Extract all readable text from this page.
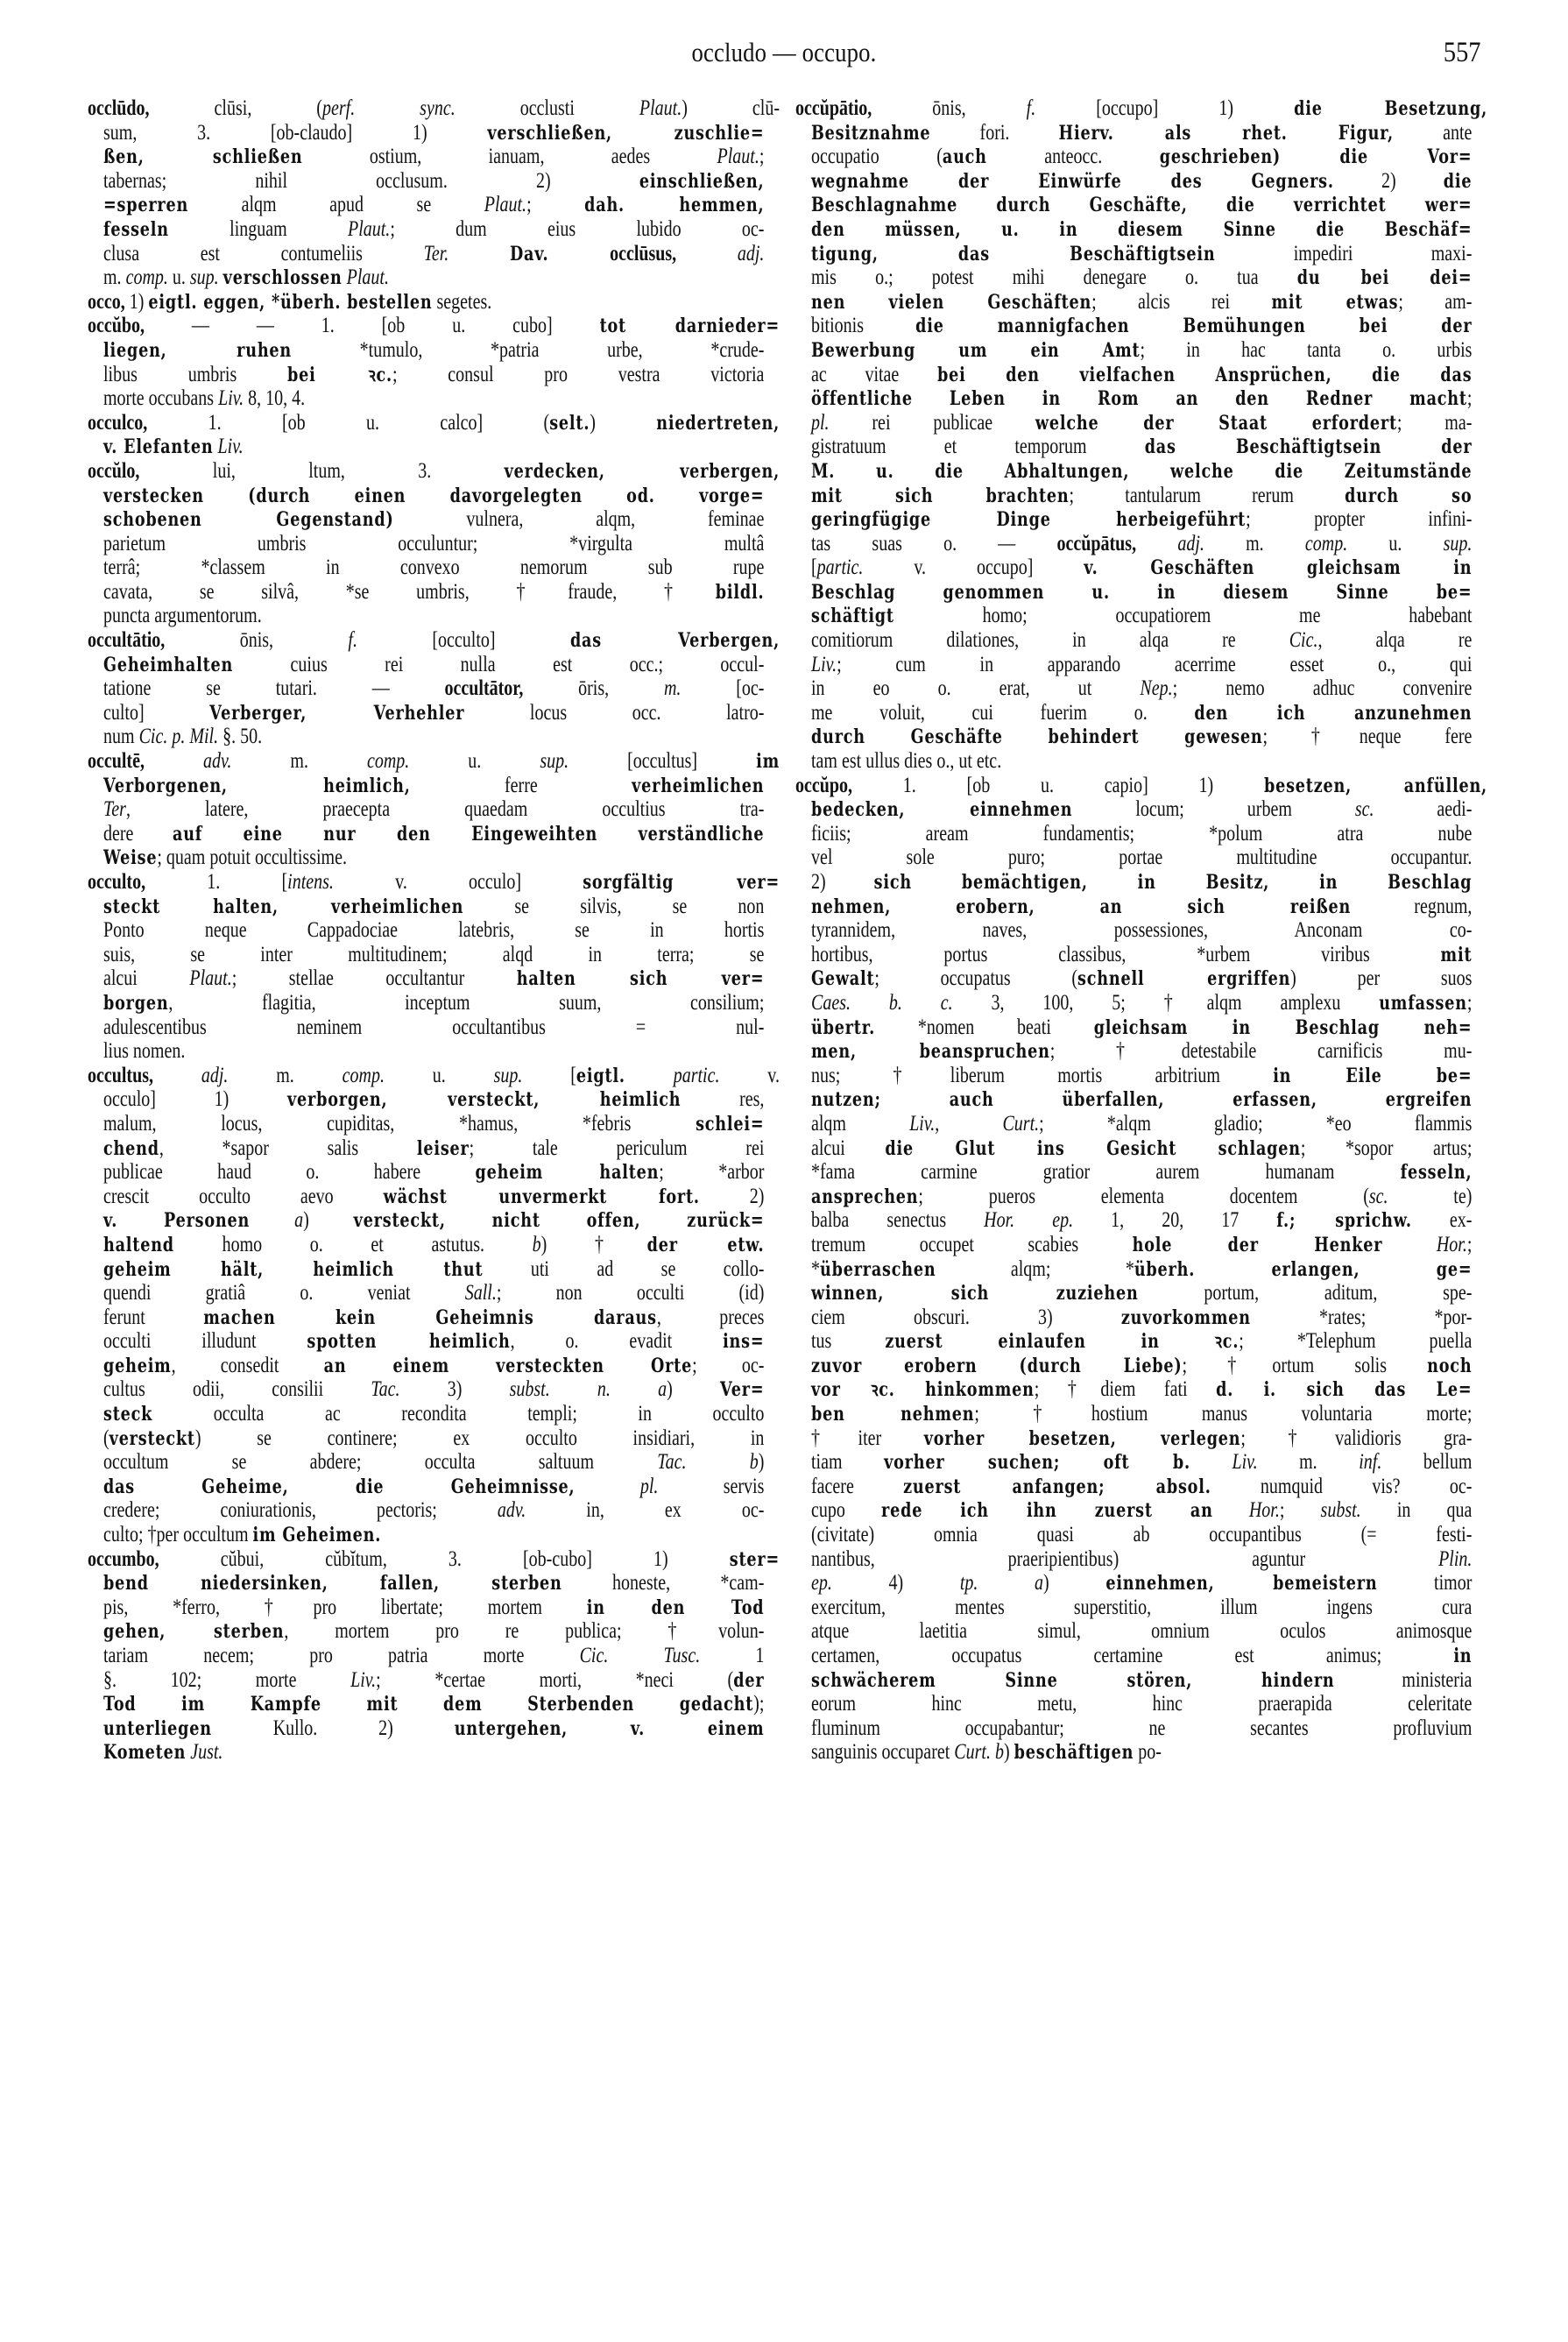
occludo — occupo.	557
occlūdo, clūsi, (perf. sync. occlusti Plaut.) clū-
sum, 3. [ob-claudo] 1) verschließen, zuschlie=
ßen, schließen ostium, ianuam, aedes Plaut.;
tabernas; nihil occlusum. 2) einschließen,
=sperren alqm apud se Plaut.; dah. hemmen,
fesseln linguam Plaut.; dum eius lubido oc-
clusa est contumeliis Ter.	Dav.	occlūsus,	adj.
m. comp. u. sup. verschlossen Plaut.
occo, 1) eigtl. eggen, *überh. bestellen segetes.
occŭbo, — — 1. [ob u. cubo] tot darnieder=
liegen, ruhen *tumulo, *patria urbe, *crude-
libus umbris bei ꝛc.; consul pro vestra victoria
morte occubans Liv. 8, 10, 4.
occulco, 1. [ob u. calco] (selt.) niedertreten,
v. Elefanten Liv.
occŭlo, lui, ltum, 3. verdecken, verbergen,
verstecken (durch einen davorgelegten od. vorge=
schobenen Gegenstand) vulnera, alqm, feminae
parietum umbris occuluntur; *virgulta multâ
terrâ; *classem in convexo nemorum sub rupe
cavata, se silvâ, *se umbris, †fraude, †bildl.
puncta argumentorum.
occultātio, ōnis, f. [occulto] das Verbergen,
Geheimhalten cuius rei nulla est occ.; occul-
tatione se tutari. — occultātor, ōris, m. [oc-
culto] Verberger, Verhehler locus occ. latro-
num Cic. p. Mil. §. 50.
occultē,	adv. m. comp. u. sup. [occultus] im
Verborgenen, heimlich, ferre verheimlichen
Ter, latere, praecepta quaedam occultius tra-
dere auf eine nur den Eingeweihten verständliche
Weise; quam potuit occultissime.
occulto, 1. [intens. v. occulo] sorgfältig ver=
steckt halten, verheimlichen se silvis, se non
Ponto neque Cappadociae latebris, se in hortis
suis, se inter multitudinem; alqd in terra; se
alcui Plaut.; stellae occultantur halten sich ver=
borgen, flagitia, inceptum suum, consilium;
adulescentibus neminem occultantibus = nul-
lius nomen.
occultus, adj. m. comp. u. sup. [eigtl. partic. v.
occulo] 1) verborgen, versteckt, heimlich res,
malum, locus, cupiditas, *hamus, *febris schlei=
chend, *sapor salis leiser; tale periculum rei
publicae haud o. habere geheim halten; *arbor
crescit occulto aevo wächst unvermerkt fort. 2)
v. Personen a) versteckt, nicht offen, zurück=
haltend homo o. et astutus. b) †der etw.
geheim hält, heimlich thut uti ad se collo-
quendi gratiâ o. veniat Sall.; non occulti (id)
ferunt machen kein Geheimnis daraus, preces
occulti illudunt spotten heimlich, o. evadit ins=
geheim, consedit an einem versteckten Orte; oc-
cultus odii, consilii Tac. 3) subst. n. a) Ver=
steck occulta ac recondita templi; in occulto
(versteckt) se continere; ex occulto insidiari, in
occultum se abdere; occulta saltuum Tac.	b)
das Geheime, die Geheimnisse,	pl. servis
credere; coniurationis, pectoris; adv. in, ex oc-
culto; †per occultum im Geheimen.
occumbo, cŭbui, cŭbĭtum, 3. [ob-cubo] 1) ster=
bend niedersinken, fallen, sterben honeste, *cam-
pis, *ferro, †pro libertate; mortem in den Tod
gehen, sterben, mortem pro re publica; †volun-
tariam necem; pro patria morte Cic. Tusc. 1
§. 102; morte Liv.; *certae morti, *neci (der
Tod im Kampfe mit dem Sterbenden gedacht);
unterliegen Kullo. 2) untergehen, v. einem
Kometen Just.
occŭpātio, ōnis, f. [occupo] 1) die Besetzung,
Besitznahme fori. Hierv. als rhet. Figur, ante
occupatio (auch anteocc. geschrieben) die Vor=
wegnahme der Einwürfe des Gegners. 2) die
Beschlagnahme durch Geschäfte, die verrichtet wer=
den müssen, u. in diesem Sinne die Beschäf=
tigung, das Beschäftigtsein impediri maxi-
mis o.; potest mihi denegare o. tua du bei dei=
nen vielen Geschäften; alcis rei mit etwas; am-
bitionis die mannigfachen Bemühungen bei der
Bewerbung um ein Amt; in hac tanta o. urbis
ac vitae bei den vielfachen Ansprüchen, die das
öffentliche Leben in Rom an den Redner macht;
pl. rei publicae welche der Staat erfordert; ma-
gistratuum et temporum das Beschäftigtsein der
M. u. die Abhaltungen, welche die Zeitumstände
mit sich brachten; tantularum rerum durch so
geringfügige Dinge herbeigeführt; propter infini-
tas suas o. — occŭpātus, adj. m. comp. u. sup.
[partic. v. occupo] v. Geschäften gleichsam in
Beschlag genommen u. in diesem Sinne be=
schäftigt homo; occupatiorem me habebant
comitiorum dilationes, in alqa re Cic., alqa re
Liv.; cum in apparando acerrime esset o., qui
in eo o. erat, ut Nep.; nemo adhuc convenire
me voluit, cui fuerim o. den ich anzunehmen
durch Geschäfte behindert gewesen; †neque fere
tam est ullus dies o., ut etc.
occŭpo, 1. [ob u. capio] 1) besetzen, anfüllen,
bedecken, einnehmen locum; urbem sc. aedi-
ficiis; aream fundamentis; *polum atra nube
vel sole puro; portae multitudine occupantur.
2) sich bemächtigen, in Besitz, in Beschlag
nehmen, erobern, an sich reißen regnum,
tyrannidem, naves, possessiones, Anconam co-
hortibus, portus classibus, *urbem viribus mit
Gewalt; occupatus (schnell ergriffen) per suos
Caes. b. c. 3, 100, 5; †alqm amplexu umfassen;
übertr. *nomen beati gleichsam in Beschlag neh=
men, beanspruchen; †detestabile carnificis mu-
nus; †liberum mortis arbitrium in Eile be=
nutzen; auch überfallen, erfassen, ergreifen
alqm Liv., Curt.; *alqm gladio; *eo flammis
alcui die Glut ins Gesicht schlagen; *sopor artus;
*fama carmine gratior aurem humanam fesseln,
ansprechen; pueros elementa docentem (sc. te)
balba senectus Hor. ep. 1, 20, 17 f.; sprichw. ex-
tremum occupet scabies hole der Henker Hor.;
*überraschen alqm; *überh. erlangen, ge=
winnen, sich zuziehen portum, aditum, spe-
ciem obscuri. 3) zuvorkommen *rates; *por-
tus zuerst einlaufen in ꝛc.; *Telephum puella
zuvor erobern (durch Liebe); †ortum solis noch
vor ꝛc. hinkommen; †diem fati d. i. sich das Le=
ben nehmen; †hostium manus voluntaria morte;
†iter vorher besetzen, verlegen; †validioris gra-
tiam vorher suchen; oft b. Liv. m. inf. bellum
facere zuerst anfangen; absol. numquid vis? oc-
cupo rede ich ihn zuerst an Hor.; subst. in qua
(civitate) omnia quasi ab occupantibus (= festi-
nantibus, praeripientibus) aguntur Plin.
ep. 4) tp. a) einnehmen, bemeistern timor
exercitum, mentes superstitio, illum ingens cura
atque laetitia simul, omnium oculos animosque
certamen, occupatus certamine est animus; in
schwächerem Sinne stören, hindern ministeria
eorum hinc metu, hinc praerapida celeritate
fluminum occupabantur; ne secantes profluvium
sanguinis occuparet Curt. b) beschäftigen po-
